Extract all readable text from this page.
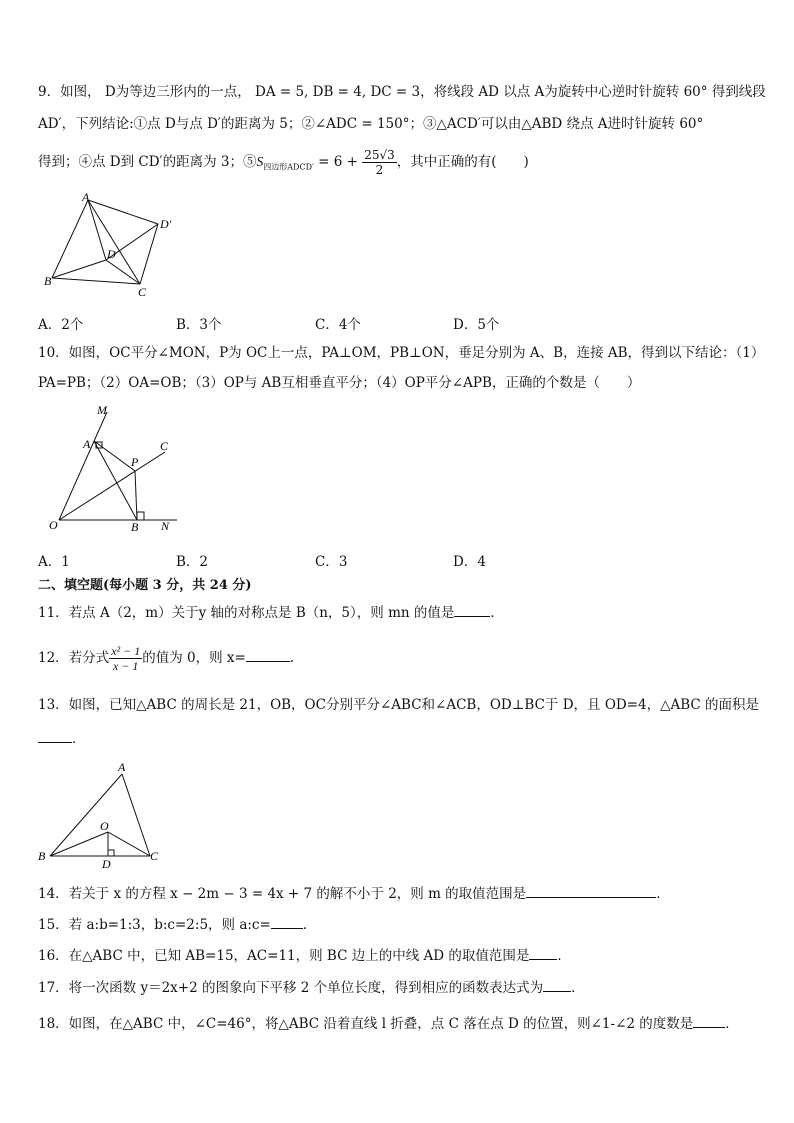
9．如图， D为等边三形内的一点， DA = 5, DB = 4, DC = 3，将线段 AD 以点 A为旋转中心逆时针旋转 60° 得到线段
AD′，下列结论:①点 D与点 D′的距离为 5；②∠ADC = 150°；③△ACD′可以由△ABD 绕点 A进时针旋转 60°
得到；④点 D到 CD′的距离为 3；$⑤S_{四边形ADCD'} = 6 + \frac{25√3}{2}$ ，其中正确的有(　　)
A
B
C
D
D′
A．2个	B．3个	C．4个	D．5个
10．如图，OC平分∠MON，P为 OC上一点，PA⊥OM，PB⊥ON，垂足分别为 A、B，连接 AB，得到以下结论：（1）
PA=PB；（2）OA=OB；（3）OP与 AB互相垂直平分；（4）OP平分∠APB，正确的个数是（　　）
M
A	C
P
O	B N
A．1	B．2	C．3	D．4
二、填空题(每小题 3 分，共 24 分)
11．若点 A（2，m）关于y 轴的对称点是 B（n，5），则 mn 的值是	．
12．若分式 $\frac{\text{x² − 1}}{x - 1}$ 的值为 0，则 x=	．
13．如图，已知△ABC 的周长是 21，OB，OC分别平分∠ABC和∠ACB，OD⊥BC于 D，且 OD=4，△ABC 的面积是
．
A
O
B
D
C
14．若关于 x 的方程 x − 2m − 3 = 4x + 7 的解不小于 2，则 m 的取值范围是	．
15．若 a:b=1:3，b:c=2:5，则 a:c= ．
16．在△ABC 中，已知 AB=15，AC=11，则 BC 边上的中线 AD 的取值范围是 ．
17．将一次函数 y＝2x+2 的图象向下平移 2 个单位长度，得到相应的函数表达式为 ．
18．如图，在△ABC 中，∠C=46°，将△ABC 沿着直线 l 折叠，点 C 落在点 D 的位置，则∠1-∠2 的度数是 ．
